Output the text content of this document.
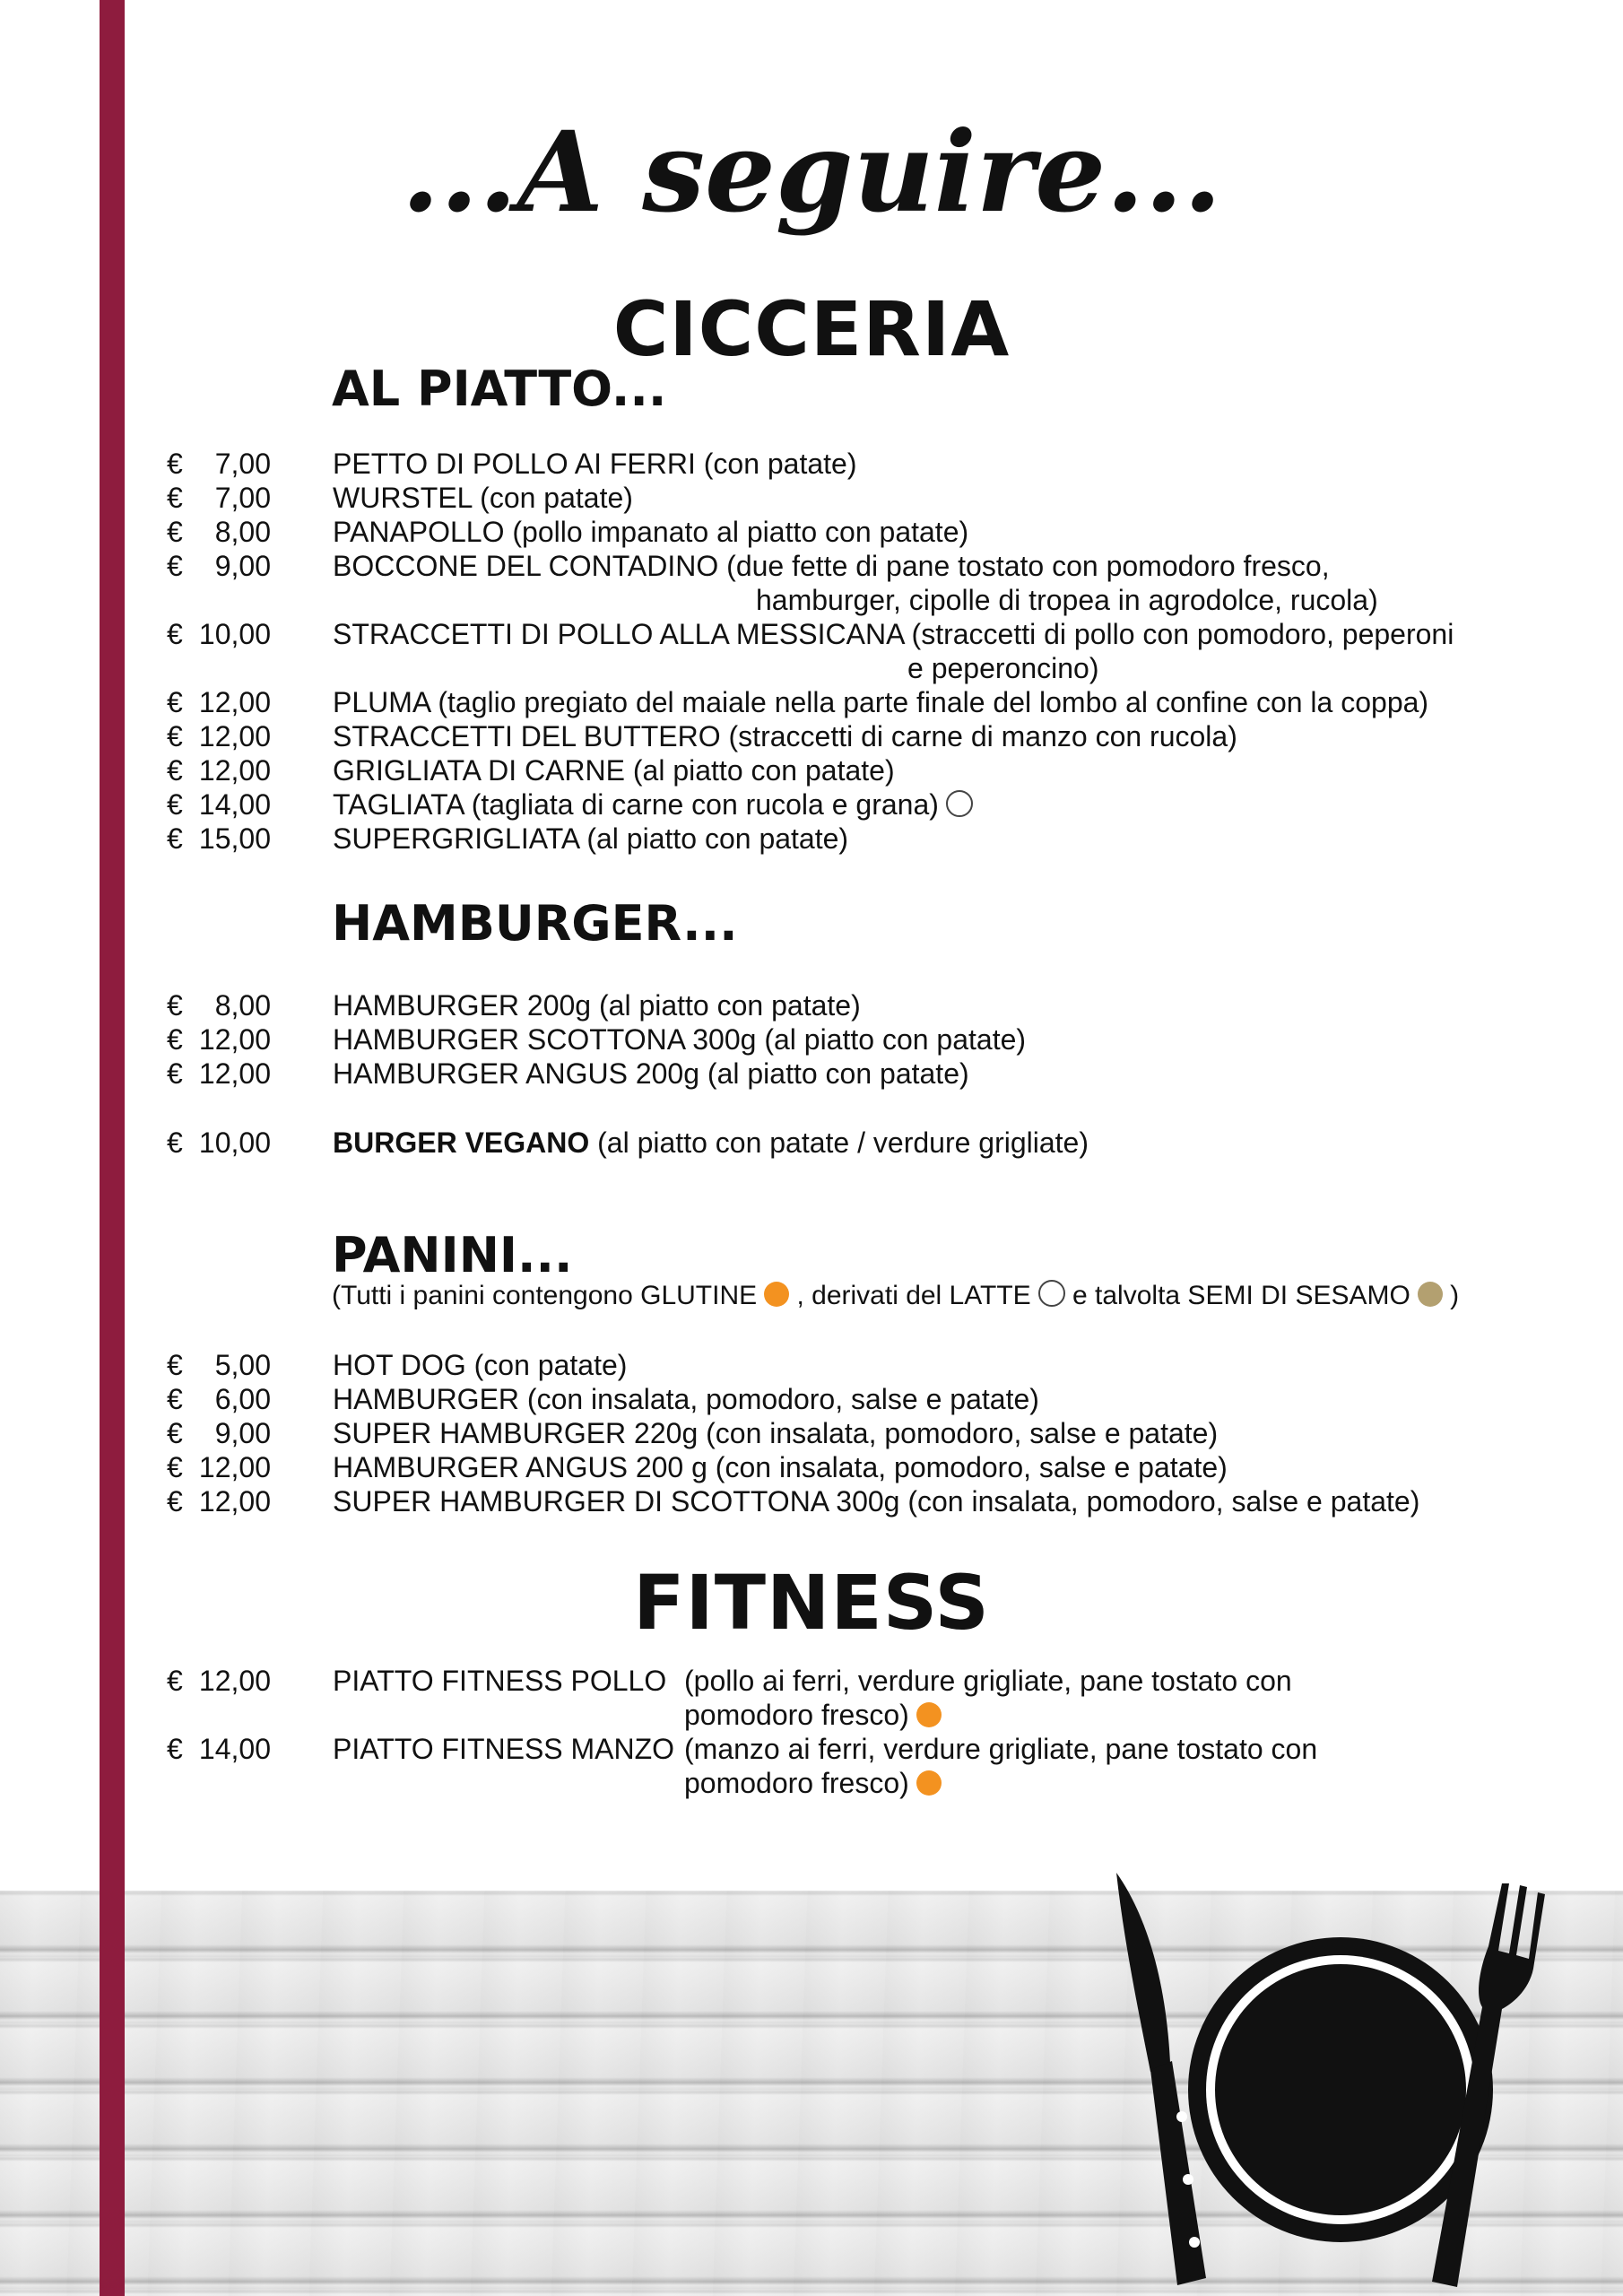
...A seguire...
CICCERIA
AL PIATTO...
€	7,00 PETTO DI POLLO AI FERRI (con patate)
€	7,00 WURSTEL (con patate)
€	8,00 PANAPOLLO (pollo impanato al piatto con patate)
€	9,00 BOCCONE DEL CONTADINO (due fette di pane tostato con pomodoro fresco,
hamburger, cipolle di tropea in agrodolce, rucola)
€ 10,00 STRACCETTI DI POLLO ALLA MESSICANA (straccetti di pollo con pomodoro, peperoni
e peperoncino)
€ 12,00 PLUMA (taglio pregiato del maiale nella parte finale del lombo al confine con la coppa)
€ 12,00 STRACCETTI DEL BUTTERO (straccetti di carne di manzo con rucola)
€ 12,00 GRIGLIATA DI CARNE (al piatto con patate)
€ 14,00 TAGLIATA (tagliata di carne con rucola e grana)
€ 15,00 SUPERGRIGLIATA (al piatto con patate)
HAMBURGER...
€	8,00 HAMBURGER 200g (al piatto con patate)
€ 12,00 HAMBURGER SCOTTONA 300g (al piatto con patate)
€ 12,00 HAMBURGER ANGUS 200g (al piatto con patate)
€ 10,00 BURGER VEGANO (al piatto con patate / verdure grigliate)
PANINI...
(Tutti i panini contengono GLUTINE , derivati del LATTE e talvolta SEMI DI SESAMO )
€	5,00 HOT DOG (con patate)
€	6,00 HAMBURGER (con insalata, pomodoro, salse e patate)
€	9,00 SUPER HAMBURGER 220g (con insalata, pomodoro, salse e patate)
€ 12,00 HAMBURGER ANGUS 200 g (con insalata, pomodoro, salse e patate)
€ 12,00 SUPER HAMBURGER DI SCOTTONA 300g (con insalata, pomodoro, salse e patate)
FITNESS
€ 12,00 PIATTO FITNESS POLLO (pollo ai ferri, verdure grigliate, pane tostato con
pomodoro fresco)
€ 14,00 PIATTO FITNESS MANZO (manzo ai ferri, verdure grigliate, pane tostato con
pomodoro fresco)
